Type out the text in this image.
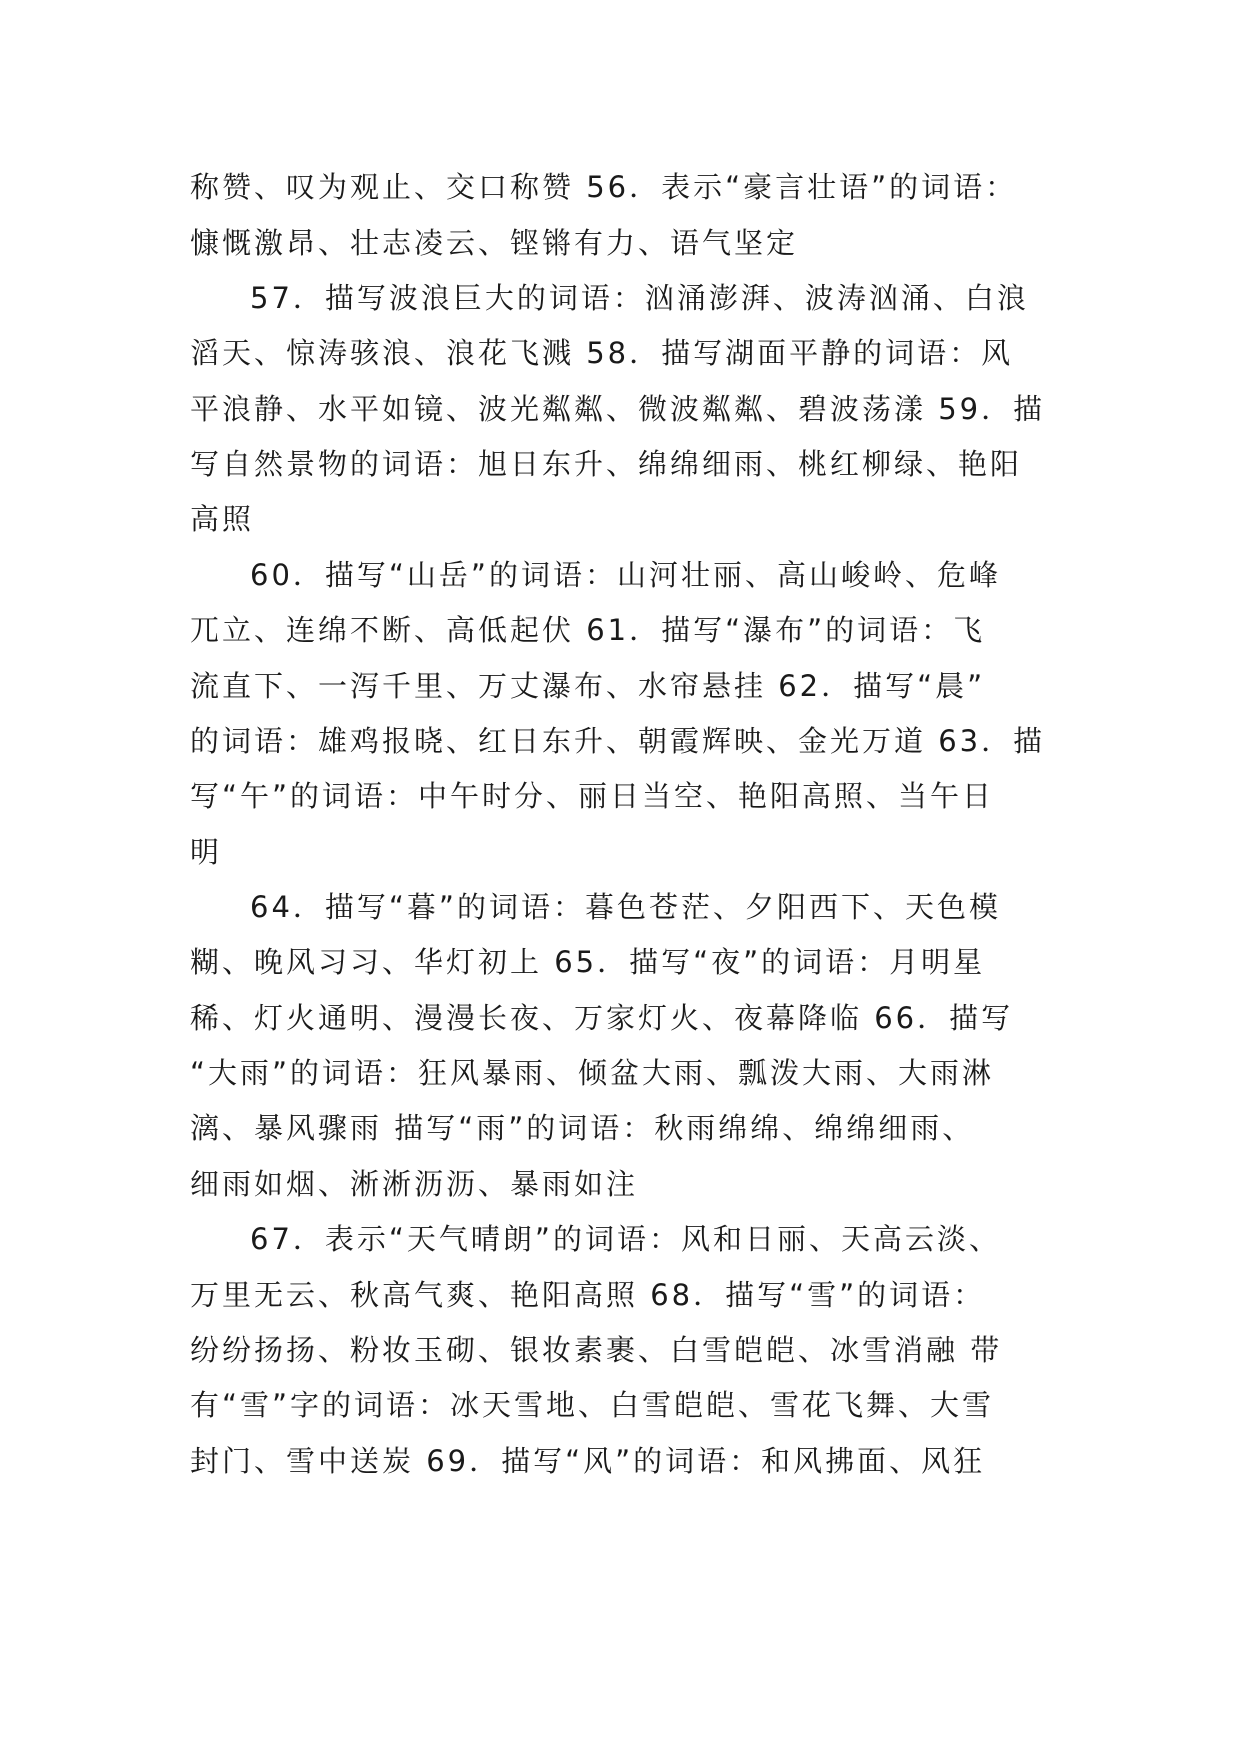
称赞、叹为观止、交口称赞 56．表示“豪言壮语”的词语：
慷慨激昂、壮志凌云、铿锵有力、语气坚定
57．描写波浪巨大的词语：汹涌澎湃、波涛汹涌、白浪
滔天、惊涛骇浪、浪花飞溅 58．描写湖面平静的词语：风
平浪静、水平如镜、波光粼粼、微波粼粼、碧波荡漾 59．描
写自然景物的词语：旭日东升、绵绵细雨、桃红柳绿、艳阳
高照
60．描写“山岳”的词语：山河壮丽、高山峻岭、危峰
兀立、连绵不断、高低起伏 61．描写“瀑布”的词语：飞
流直下、一泻千里、万丈瀑布、水帘悬挂 62．描写“晨”
的词语：雄鸡报晓、红日东升、朝霞辉映、金光万道 63．描
写“午”的词语：中午时分、丽日当空、艳阳高照、当午日
明
64．描写“暮”的词语：暮色苍茫、夕阳西下、天色模
糊、晚风习习、华灯初上 65．描写“夜”的词语：月明星
稀、灯火通明、漫漫长夜、万家灯火、夜幕降临 66．描写
“大雨”的词语：狂风暴雨、倾盆大雨、瓢泼大雨、大雨淋
漓、暴风骤雨 描写“雨”的词语：秋雨绵绵、绵绵细雨、
细雨如烟、淅淅沥沥、暴雨如注
67．表示“天气晴朗”的词语：风和日丽、天高云淡、
万里无云、秋高气爽、艳阳高照 68．描写“雪”的词语：
纷纷扬扬、粉妆玉砌、银妆素裹、白雪皑皑、冰雪消融 带
有“雪”字的词语：冰天雪地、白雪皑皑、雪花飞舞、大雪
封门、雪中送炭 69．描写“风”的词语：和风拂面、风狂
